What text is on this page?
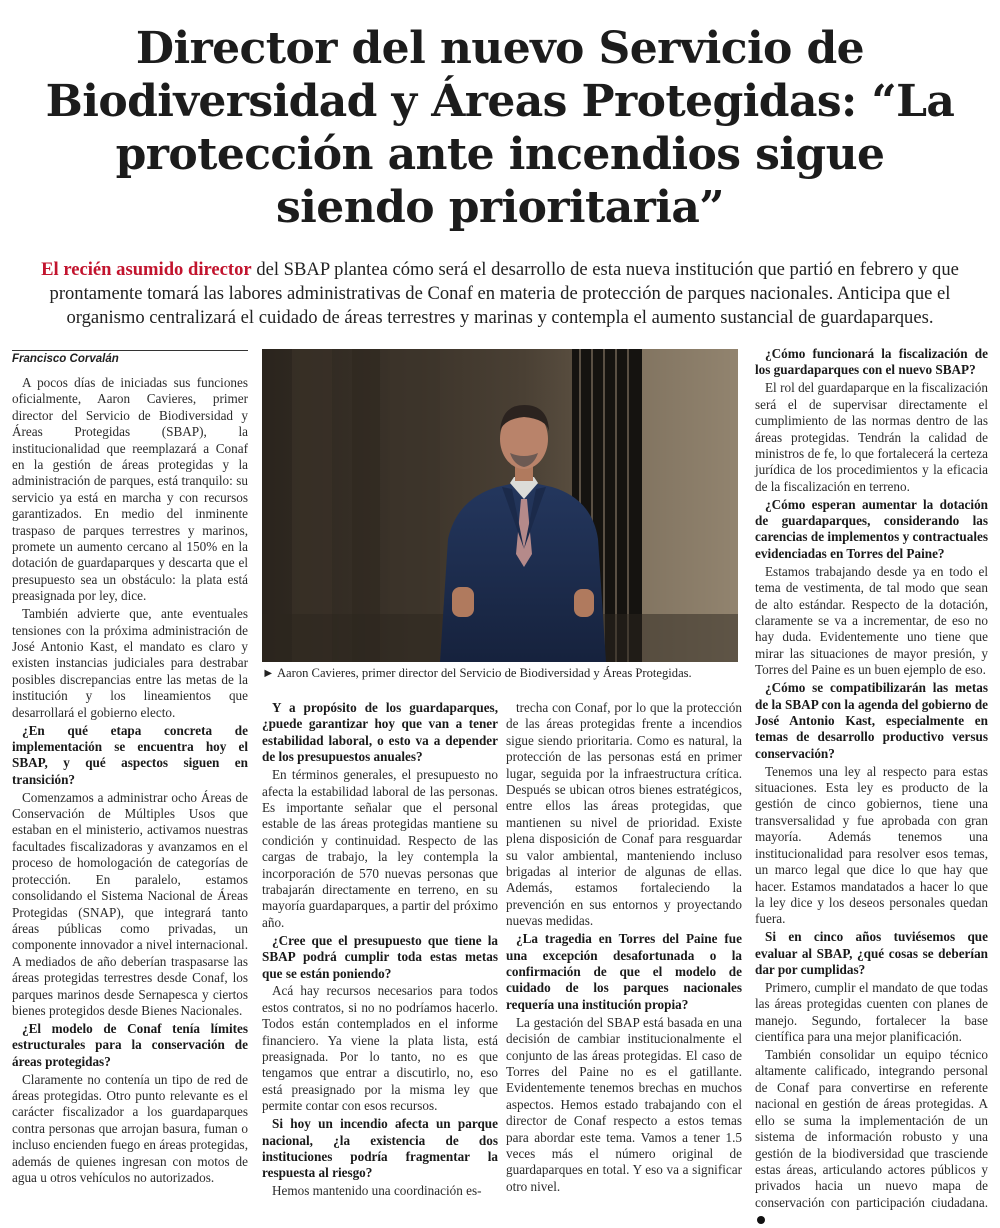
Director del nuevo Servicio de Biodiversidad y Áreas Protegidas: “La protección ante incendios sigue siendo prioritaria”

El recién asumido director del SBAP plantea cómo será el desarrollo de esta nueva institución que partió en febrero y que prontamente tomará las labores administrativas de Conaf en materia de protección de parques nacionales. Anticipa que el organismo centralizará el cuidado de áreas terrestres y marinas y contempla el aumento sustancial de guardaparques.

Francisco Corvalán

A pocos días de iniciadas sus funciones oficialmente, Aaron Cavieres, primer director del Servicio de Biodiversidad y Áreas Protegidas (SBAP), la institucionalidad que reemplazará a Conaf en la gestión de áreas protegidas y la administración de parques, está tranquilo: su servicio ya está en marcha y con recursos garantizados. En medio del inminente traspaso de parques terrestres y marinos, promete un aumento cercano al 150% en la dotación de guardaparques y descarta que el presupuesto sea un obstáculo: la plata está preasignada por ley, dice.

También advierte que, ante eventuales tensiones con la próxima administración de José Antonio Kast, el mandato es claro y existen instancias judiciales para destrabar posibles discrepancias entre las metas de la institución y los lineamientos que desarrollará el gobierno electo.

¿En qué etapa concreta de implementación se encuentra hoy el SBAP, y qué aspectos siguen en transición?

Comenzamos a administrar ocho Áreas de Conservación de Múltiples Usos que estaban en el ministerio, activamos nuestras facultades fiscalizadoras y avanzamos en el proceso de homologación de categorías de protección. En paralelo, estamos consolidando el Sistema Nacional de Áreas Protegidas (SNAP), que integrará tanto áreas públicas como privadas, un componente innovador a nivel internacional. A mediados de año deberían traspasarse las áreas protegidas terrestres desde Conaf, los parques marinos desde Sernapesca y ciertos bienes protegidos desde Bienes Nacionales.

¿El modelo de Conaf tenía límites estructurales para la conservación de áreas protegidas?

Claramente no contenía un tipo de red de áreas protegidas. Otro punto relevante es el carácter fiscalizador a los guardaparques contra personas que arrojan basura, fuman o incluso encienden fuego en áreas protegidas, además de quienes ingresan con motos de agua u otros vehículos no autorizados.

► Aaron Cavieres, primer director del Servicio de Biodiversidad y Áreas Protegidas.

Y a propósito de los guardaparques, ¿puede garantizar hoy que van a tener estabilidad laboral, o esto va a depender de los presupuestos anuales?

En términos generales, el presupuesto no afecta la estabilidad laboral de las personas. Es importante señalar que el personal estable de las áreas protegidas mantiene su condición y continuidad. Respecto de las cargas de trabajo, la ley contempla la incorporación de 570 nuevas personas que trabajarán directamente en terreno, en su mayoría guardaparques, a partir del próximo año.

¿Cree que el presupuesto que tiene la SBAP podrá cumplir toda estas metas que se están poniendo?

Acá hay recursos necesarios para todos estos contratos, si no no podríamos hacerlo. Todos están contemplados en el informe financiero. Ya viene la plata lista, está preasignada. Por lo tanto, no es que tengamos que entrar a discutirlo, no, eso está preasignado por la misma ley que permite contar con esos recursos.

Si hoy un incendio afecta un parque nacional, ¿la existencia de dos instituciones podría fragmentar la respuesta al riesgo?

Hemos mantenido una coordinación es-

trecha con Conaf, por lo que la protección de las áreas protegidas frente a incendios sigue siendo prioritaria. Como es natural, la protección de las personas está en primer lugar, seguida por la infraestructura crítica. Después se ubican otros bienes estratégicos, entre ellos las áreas protegidas, que mantienen su nivel de prioridad. Existe plena disposición de Conaf para resguardar su valor ambiental, manteniendo incluso brigadas al interior de algunas de ellas. Además, estamos fortaleciendo la prevención en sus entornos y proyectando nuevas medidas.

¿La tragedia en Torres del Paine fue una excepción desafortunada o la confirmación de que el modelo de cuidado de los parques nacionales requería una institución propia?

La gestación del SBAP está basada en una decisión de cambiar institucionalmente el conjunto de las áreas protegidas. El caso de Torres del Paine no es el gatillante. Evidentemente tenemos brechas en muchos aspectos. Hemos estado trabajando con el director de Conaf respecto a estos temas para abordar este tema. Vamos a tener 1.5 veces más el número original de guardaparques en total. Y eso va a significar otro nivel.

¿Cómo funcionará la fiscalización de los guardaparques con el nuevo SBAP?

El rol del guardaparque en la fiscalización será el de supervisar directamente el cumplimiento de las normas dentro de las áreas protegidas. Tendrán la calidad de ministros de fe, lo que fortalecerá la certeza jurídica de los procedimientos y la eficacia de la fiscalización en terreno.

¿Cómo esperan aumentar la dotación de guardaparques, considerando las carencias de implementos y contractuales evidenciadas en Torres del Paine?

Estamos trabajando desde ya en todo el tema de vestimenta, de tal modo que sean de alto estándar. Respecto de la dotación, claramente se va a incrementar, de eso no hay duda. Evidentemente uno tiene que mirar las situaciones de mayor presión, y Torres del Paine es un buen ejemplo de eso.

¿Cómo se compatibilizarán las metas de la SBAP con la agenda del gobierno de José Antonio Kast, especialmente en temas de desarrollo productivo versus conservación?

Tenemos una ley al respecto para estas situaciones. Esta ley es producto de la gestión de cinco gobiernos, tiene una transversalidad y fue aprobada con gran mayoría. Además tenemos una institucionalidad para resolver esos temas, un marco legal que dice lo que hay que hacer. Estamos mandatados a hacer lo que la ley dice y los deseos personales quedan fuera.

Si en cinco años tuviésemos que evaluar al SBAP, ¿qué cosas se deberían dar por cumplidas?

Primero, cumplir el mandato de que todas las áreas protegidas cuenten con planes de manejo. Segundo, fortalecer la base científica para una mejor planificación.

También consolidar un equipo técnico altamente calificado, integrando personal de Conaf para convertirse en referente nacional en gestión de áreas protegidas. A ello se suma la implementación de un sistema de información robusto y una gestión de la biodiversidad que trasciende estas áreas, articulando actores públicos y privados hacia un nuevo mapa de conservación con participación ciudadana.
